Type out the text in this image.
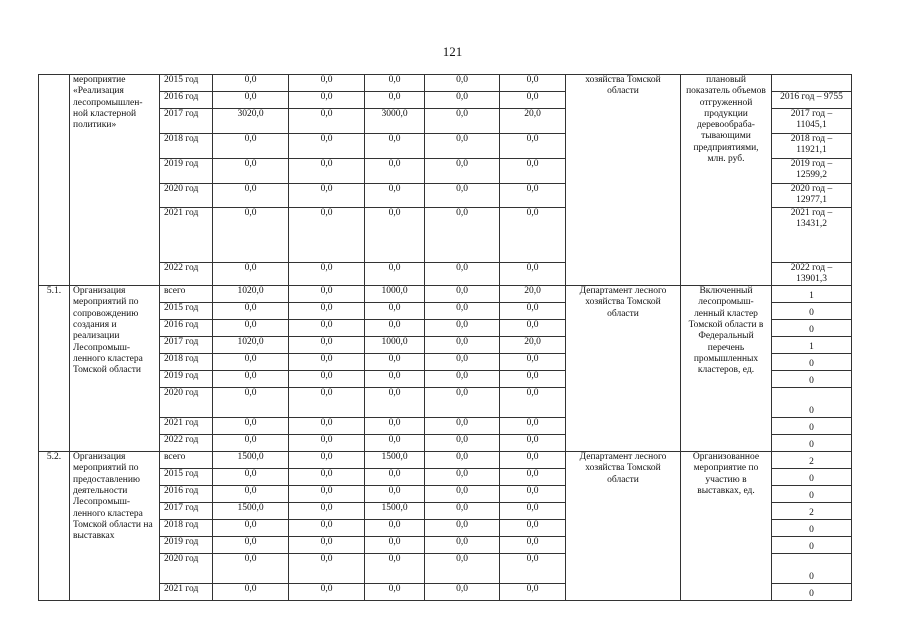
121
	мероприятие «Реализация лесопромышлен-ной кластерной политики»	2015 год	0,0	0,0	0,0	0,0	0,0	хозяйства Томской области	плановый показатель объемов отгруженной продукции деревообраба-тывающими предприятиями, млн. руб.	
		2016 год	0,0	0,0	0,0	0,0	0,0			2016 год – 9755
		2017 год	3020,0	0,0	3000,0	0,0	20,0			2017 год – 11045,1
		2018 год	0,0	0,0	0,0	0,0	0,0			2018 год – 11921,1
		2019 год	0,0	0,0	0,0	0,0	0,0			2019 год – 12599,2
		2020 год	0,0	0,0	0,0	0,0	0,0			2020 год – 12977,1
		2021 год	0,0	0,0	0,0	0,0	0,0			2021 год – 13431,2
		2022 год	0,0	0,0	0,0	0,0	0,0			2022 год – 13901,3
5.1.	Организация мероприятий по сопровождению создания и реализации Лесопромыш-ленного кластера Томской области	всего	1020,0	0,0	1000,0	0,0	20,0	Департамент лесного хозяйства Томской области	Включенный лесопромыш-ленный кластер Томской области в Федеральный перечень промышленных кластеров, ед.	1
		2015 год	0,0	0,0	0,0	0,0	0,0			0
		2016 год	0,0	0,0	0,0	0,0	0,0			0
		2017 год	1020,0	0,0	1000,0	0,0	20,0			1
		2018 год	0,0	0,0	0,0	0,0	0,0			0
		2019 год	0,0	0,0	0,0	0,0	0,0			0
		2020 год	0,0	0,0	0,0	0,0	0,0			0
		2021 год	0,0	0,0	0,0	0,0	0,0			0
		2022 год	0,0	0,0	0,0	0,0	0,0			0
5.2.	Организация мероприятий по предоставлению деятельности Лесопромыш-ленного кластера Томской области на выставках	всего	1500,0	0,0	1500,0	0,0	0,0	Департамент лесного хозяйства Томской области	Организованное мероприятие по участию в выставках, ед.	2
		2015 год	0,0	0,0	0,0	0,0	0,0			0
		2016 год	0,0	0,0	0,0	0,0	0,0			0
		2017 год	1500,0	0,0	1500,0	0,0	0,0			2
		2018 год	0,0	0,0	0,0	0,0	0,0			0
		2019 год	0,0	0,0	0,0	0,0	0,0			0
		2020 год	0,0	0,0	0,0	0,0	0,0			0
		2021 год	0,0	0,0	0,0	0,0	0,0			0
